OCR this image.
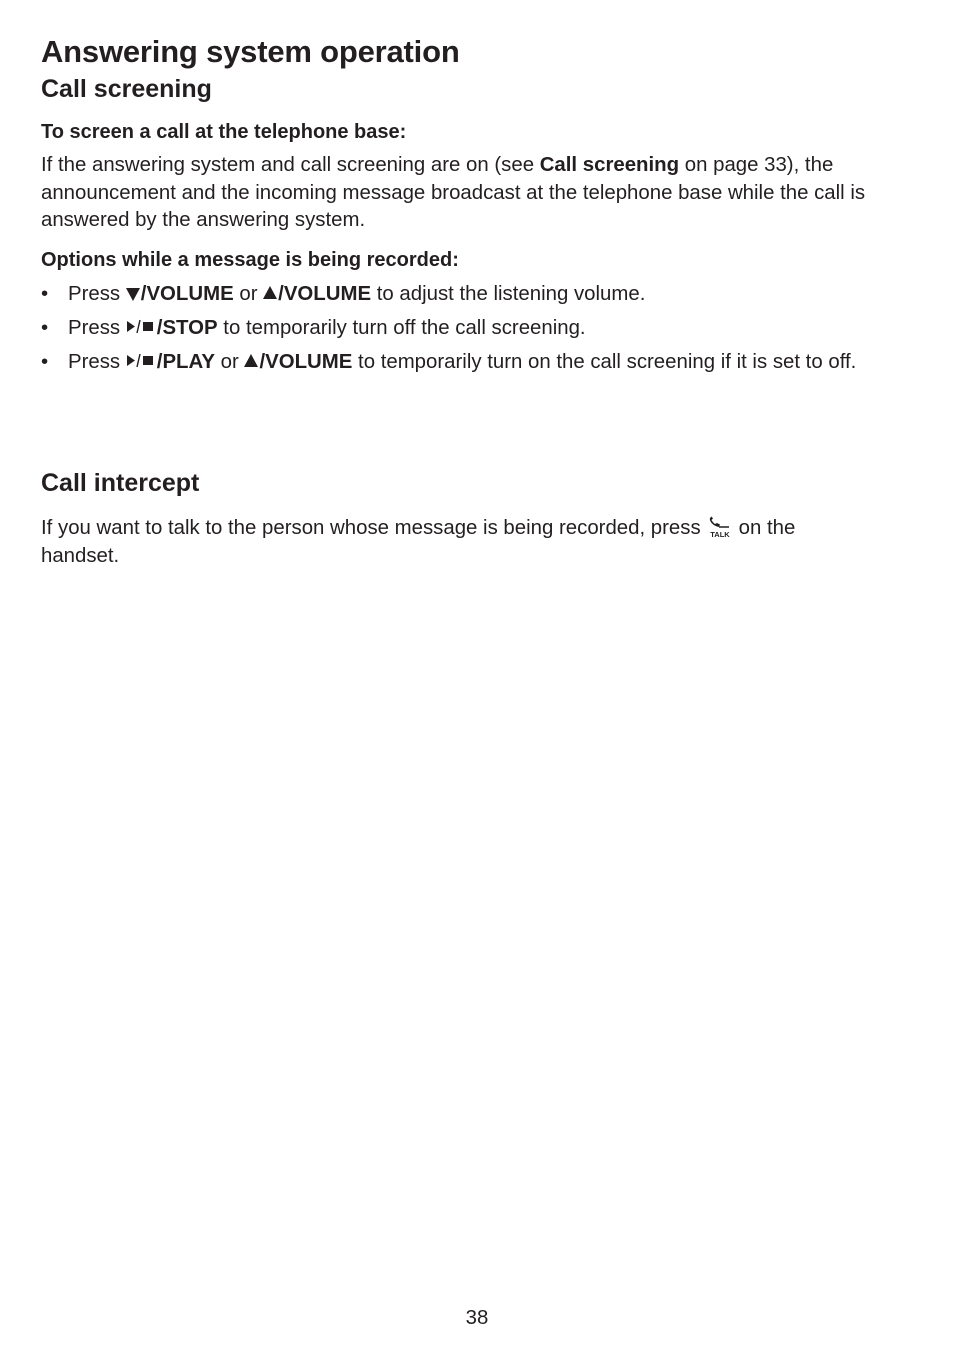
Answering system operation
Call screening
To screen a call at the telephone base:

If the answering system and call screening are on (see Call screening on page 33), the announcement and the incoming message broadcast at the telephone base while the call is answered by the answering system.

Options while a message is being recorded:
• Press /VOLUME or /VOLUME to adjust the listening volume.
• Press /STOP to temporarily turn off the call screening.
• Press /PLAY or /VOLUME to temporarily turn on the call screening if it is set to off.
Call intercept

If you want to talk to the person whose message is being recorded, press TALK on the handset.

38
